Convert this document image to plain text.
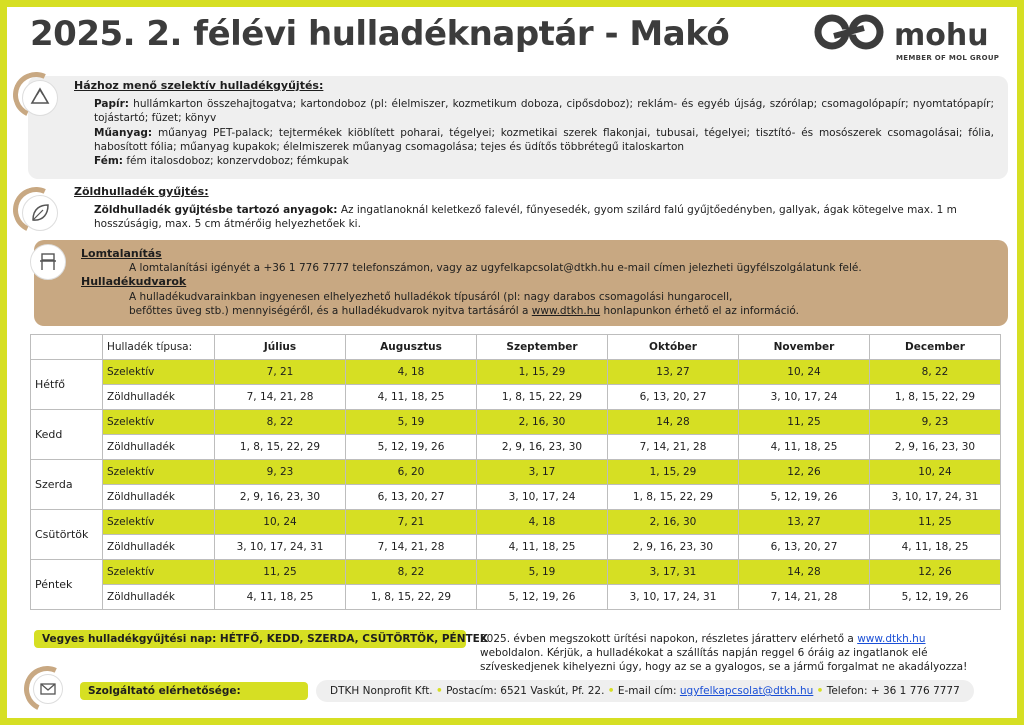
2025. 2. félévi hulladéknaptár - Makó	mohu
MEMBER OF MOL GROUP
Házhoz menő szelektív hulladékgyűjtés:
Papír: hullámkarton összehajtogatva; kartondoboz (pl: élelmiszer, kozmetikum doboza, cipősdoboz); reklám- és egyéb újság, szórólap; csomagolópapír; nyomtatópapír; tojástartó; füzet; könyv
Műanyag: műanyag PET-palack; tejtermékek kiöblített poharai, tégelyei; kozmetikai szerek flakonjai, tubusai, tégelyei; tisztító- és mosószerek csomagolásai; fólia, habosított fólia; műanyag kupakok; élelmiszerek műanyag csomagolása; tejes és üdítős többrétegű italoskarton
Fém: fém italosdoboz; konzervdoboz; fémkupak
Zöldhulladék gyűjtés:
Zöldhulladék gyűjtésbe tartozó anyagok: Az ingatlanoknál keletkező falevél, fűnyesedék, gyom szilárd falú gyűjtőedényben, gallyak, ágak kötegelve max. 1 m hosszúságig, max. 5 cm átmérőig helyezhetőek ki.
Lomtalanítás
A lomtalanítási igényét a +36 1 776 7777 telefonszámon, vagy az ugyfelkapcsolat@dtkh.hu e-mail címen jelezheti ügyfélszolgálatunk felé.
Hulladékudvarok
A hulladékudvarainkban ingyenesen elhelyezhető hulladékok típusáról (pl: nagy darabos csomagolási hungarocell,
befőttes üveg stb.) mennyiségéről, és a hulladékudvarok nyitva tartásáról a www.dtkh.hu honlapunkon érhető el az információ.
	Hulladék típusa:	Július	Augusztus	Szeptember	Október	November	December
Hétfő	Szelektív	7, 21	4, 18	1, 15, 29	13, 27	10, 24	8, 22
	Zöldhulladék	7, 14, 21, 28	4, 11, 18, 25	1, 8, 15, 22, 29	6, 13, 20, 27	3, 10, 17, 24	1, 8, 15, 22, 29
Kedd	Szelektív	8, 22	5, 19	2, 16, 30	14, 28	11, 25	9, 23
	Zöldhulladék	1, 8, 15, 22, 29	5, 12, 19, 26	2, 9, 16, 23, 30	7, 14, 21, 28	4, 11, 18, 25	2, 9, 16, 23, 30
Szerda	Szelektív	9, 23	6, 20	3, 17	1, 15, 29	12, 26	10, 24
	Zöldhulladék	2, 9, 16, 23, 30	6, 13, 20, 27	3, 10, 17, 24	1, 8, 15, 22, 29	5, 12, 19, 26	3, 10, 17, 24, 31
Csütörtök	Szelektív	10, 24	7, 21	4, 18	2, 16, 30	13, 27	11, 25
	Zöldhulladék	3, 10, 17, 24, 31	7, 14, 21, 28	4, 11, 18, 25	2, 9, 16, 23, 30	6, 13, 20, 27	4, 11, 18, 25
Péntek	Szelektív	11, 25	8, 22	5, 19	3, 17, 31	14, 28	12, 26
	Zöldhulladék	4, 11, 18, 25	1, 8, 15, 22, 29	5, 12, 19, 26	3, 10, 17, 24, 31	7, 14, 21, 28	5, 12, 19, 26
Vegyes hulladékgyűjtési nap: HÉTFŐ, KEDD, SZERDA, CSÜTÖRTÖK, PÉNTEK
2025. évben megszokott ürítési napokon, részletes járatterv elérhető a www.dtkh.hu weboldalon. Kérjük, a hulladékokat a szállítás napján reggel 6 óráig az ingatlanok elé szíveskedjenek kihelyezni úgy, hogy az se a gyalogos, se a jármű forgalmat ne akadályozza!
Szolgáltató elérhetősége:	DTKH Nonprofit Kft. • Postacím: 6521 Vaskút, Pf. 22. • E-mail cím: ugyfelkapcsolat@dtkh.hu • Telefon: + 36 1 776 7777
